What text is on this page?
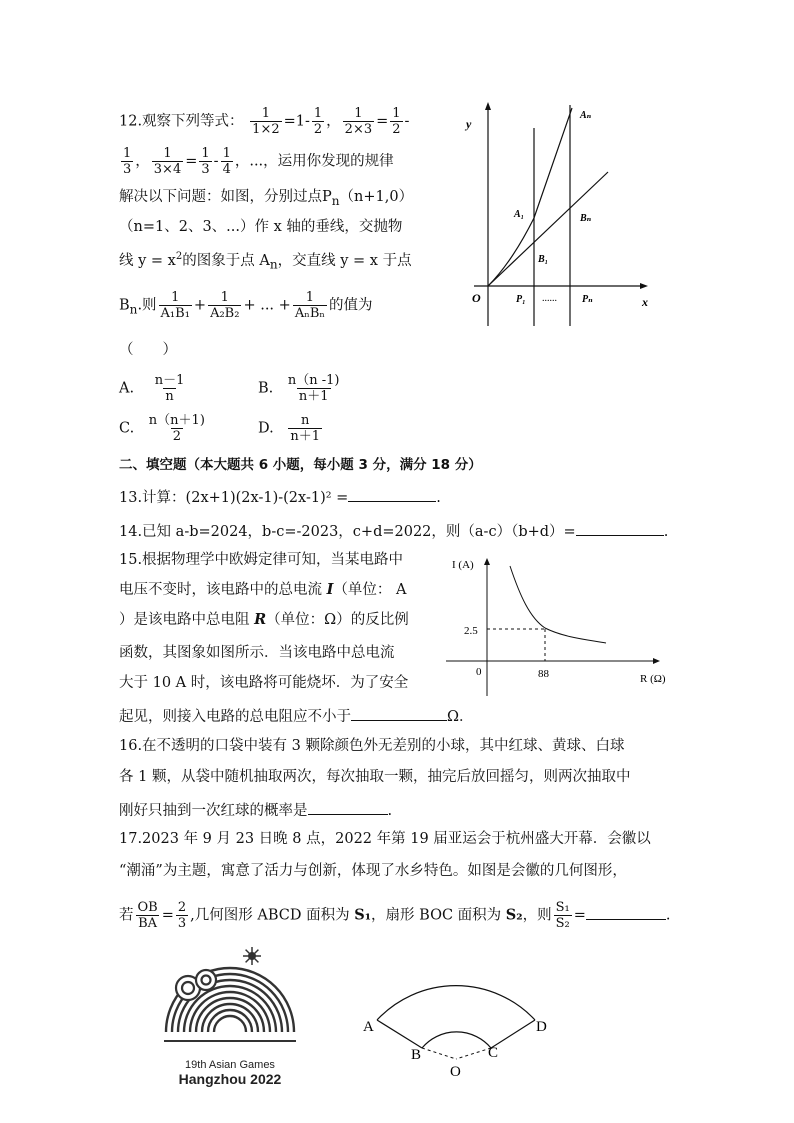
12.观察下列等式： $\frac{1}{1\times 2} =1- \frac{1}{2}$ ， $\frac{1}{2\times 3} = \frac{1}{2}$ -
$\frac{1}{3}$ ， $\frac{1}{3\times 4} = \frac{1}{3} - \frac{1}{4}$ ，...，运用你发现的规律
解决以下问题：如图，分别过点$P_n(n+1,0)$
（n=1、2、3、...）作 x 轴的垂线，交抛物
线 $y = x^2$的图象于点 $A_n$，交直线 y = x 于点
$B_n$.则 $\frac{1}{\text{A₁B₁}} + \frac{1}{\text{A₂B₂}}$ + ... + $\frac{1}{\text{AₙBₙ}}$ 的值为
（　　）
A. $\frac{n-1}{n}$	B. $\frac{n(n -1)}{n+1}$
C. $\frac{n(n+1)}{2}$	D. $\frac{n}{n+1}$
y
x
O	P₁ ......	Pₙ
A₁
B₁
Aₙ
Bₙ
二、填空题（本大题共 6 小题，每小题 3 分，满分 18 分）
13.计算：(2x+1)(2x-1)-(2x-1)² =	.
14.已知 a-b=2024，b-c=-2023，c+d=2022，则（a-c）（b+d）=	.
15.根据物理学中欧姆定律可知，当某电路中
电压不变时，该电路中的总电流 I（单位： A
）是该电路中总电阻 R（单位：Ω）的反比例
函数，其图象如图所示．当该电路中总电流
大于 10 A 时，该电路将可能烧坏．为了安全
起见，则接入电路的总电阻应不小于	Ω．
I (A)
R (Ω)
2.5
88
0
16.在不透明的口袋中装有 3 颗除颜色外无差别的小球，其中红球、黄球、白球
各 1 颗，从袋中随机抽取两次，每次抽取一颗，抽完后放回摇匀，则两次抽取中
刚好只抽到一次红球的概率是	.
17.2023 年 9 月 23 日晚 8 点，2022 年第 19 届亚运会于杭州盛大开幕．会徽以
“潮涌”为主题，寓意了活力与创新，体现了水乡特色。如图是会徽的几何图形，
若 $\frac{OB}{BA} = \frac{2}{3}$ ,几何图形 ABCD 面积为 S₁，扇形 BOC 面积为 S₂，则 $\frac{\text{S₁}}{\text{S₂}}$ =	.
19th Asian Games
Hangzhou 2022
A
B	C
D
O
